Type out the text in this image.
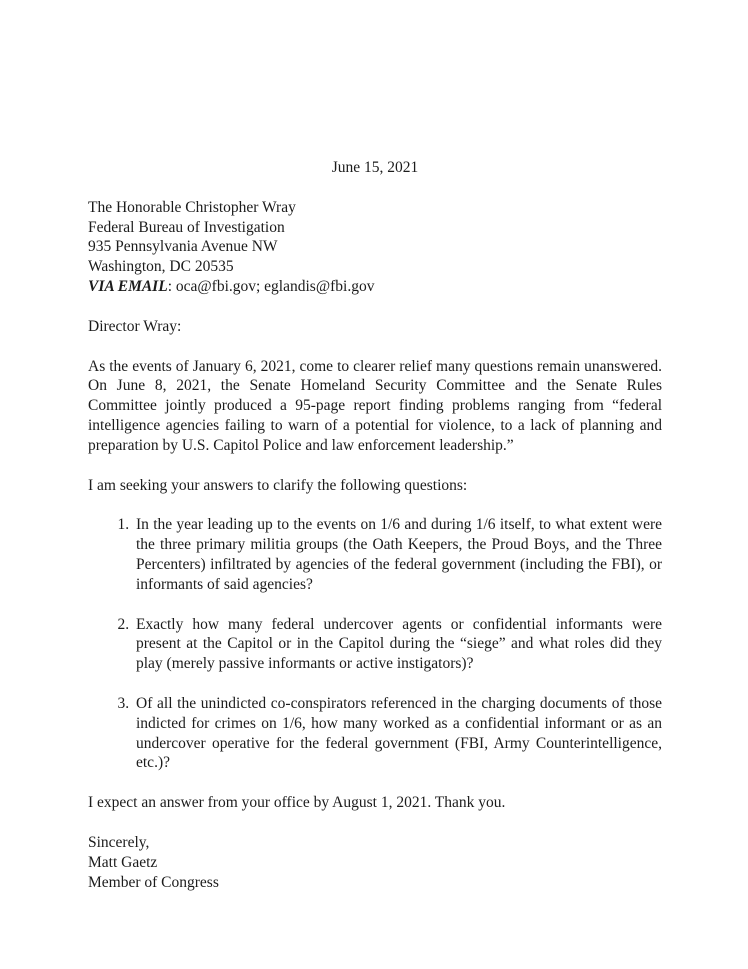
June 15, 2021
The Honorable Christopher Wray
Federal Bureau of Investigation
935 Pennsylvania Avenue NW
Washington, DC 20535
VIA EMAIL: oca@fbi.gov; eglandis@fbi.gov
Director Wray:

As the events of January 6, 2021, come to clearer relief many questions remain unanswered. On June 8, 2021, the Senate Homeland Security Committee and the Senate Rules Committee jointly produced a 95-page report finding problems ranging from “federal intelligence agencies failing to warn of a potential for violence, to a lack of planning and preparation by U.S. Capitol Police and law enforcement leadership.”

I am seeking your answers to clarify the following questions:

1. In the year leading up to the events on 1/6 and during 1/6 itself, to what extent were the three primary militia groups (the Oath Keepers, the Proud Boys, and the Three Percenters) infiltrated by agencies of the federal government (including the FBI), or informants of said agencies?
2. Exactly how many federal undercover agents or confidential informants were present at the Capitol or in the Capitol during the “siege” and what roles did they play (merely passive informants or active instigators)?
3. Of all the unindicted co-conspirators referenced in the charging documents of those indicted for crimes on 1/6, how many worked as a confidential informant or as an undercover operative for the federal government (FBI, Army Counterintelligence, etc.)?

I expect an answer from your office by August 1, 2021. Thank you.

Sincerely,
Matt Gaetz
Member of Congress
